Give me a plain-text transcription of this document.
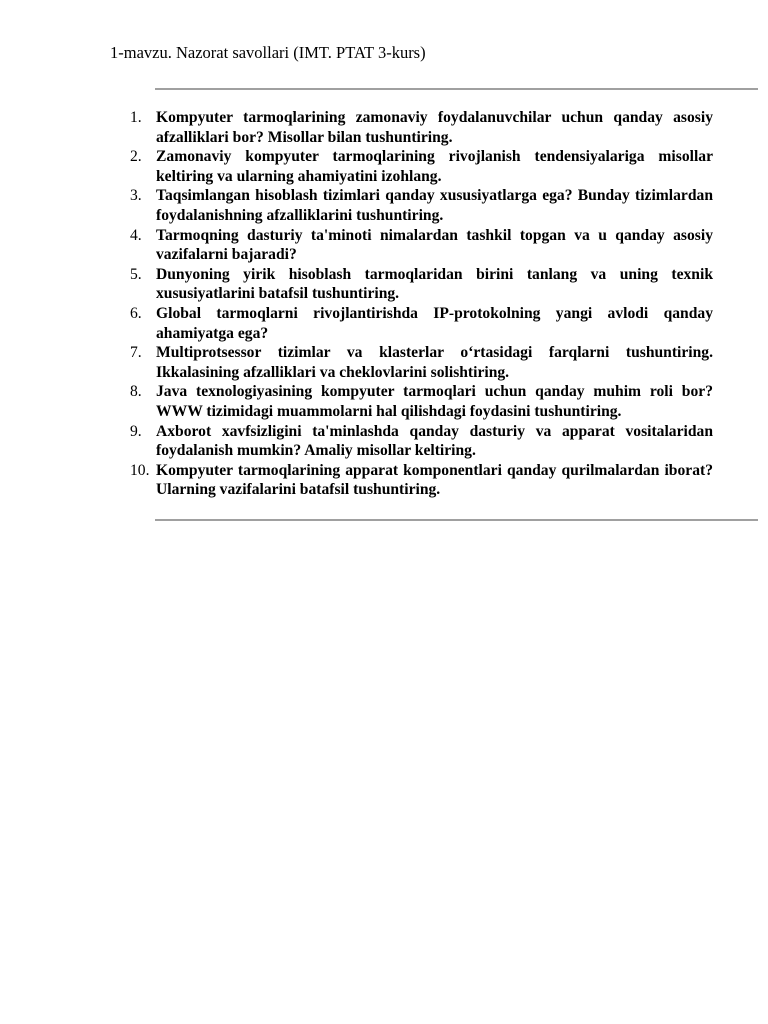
1-mavzu. Nazorat savollari (IMT. PTAT 3-kurs)
1. Kompyuter tarmoqlarining zamonaviy foydalanuvchilar uchun qanday asosiy afzalliklari bor? Misollar bilan tushuntiring.
2. Zamonaviy kompyuter tarmoqlarining rivojlanish tendensiyalariga misollar keltiring va ularning ahamiyatini izohlang.
3. Taqsimlangan hisoblash tizimlari qanday xususiyatlarga ega? Bunday tizimlardan foydalanishning afzalliklarini tushuntiring.
4. Tarmoqning dasturiy ta'minoti nimalardan tashkil topgan va u qanday asosiy vazifalarni bajaradi?
5. Dunyoning yirik hisoblash tarmoqlaridan birini tanlang va uning texnik xususiyatlarini batafsil tushuntiring.
6. Global tarmoqlarni rivojlantirishda IP-protokolning yangi avlodi qanday ahamiyatga ega?
7. Multiprotsessor tizimlar va klasterlar o‘rtasidagi farqlarni tushuntiring. Ikkalasining afzalliklari va cheklovlarini solishtiring.
8. Java texnologiyasining kompyuter tarmoqlari uchun qanday muhim roli bor? WWW tizimidagi muammolarni hal qilishdagi foydasini tushuntiring.
9. Axborot xavfsizligini ta'minlashda qanday dasturiy va apparat vositalaridan foydalanish mumkin? Amaliy misollar keltiring.
10. Kompyuter tarmoqlarining apparat komponentlari qanday qurilmalardan iborat? Ularning vazifalarini batafsil tushuntiring.
